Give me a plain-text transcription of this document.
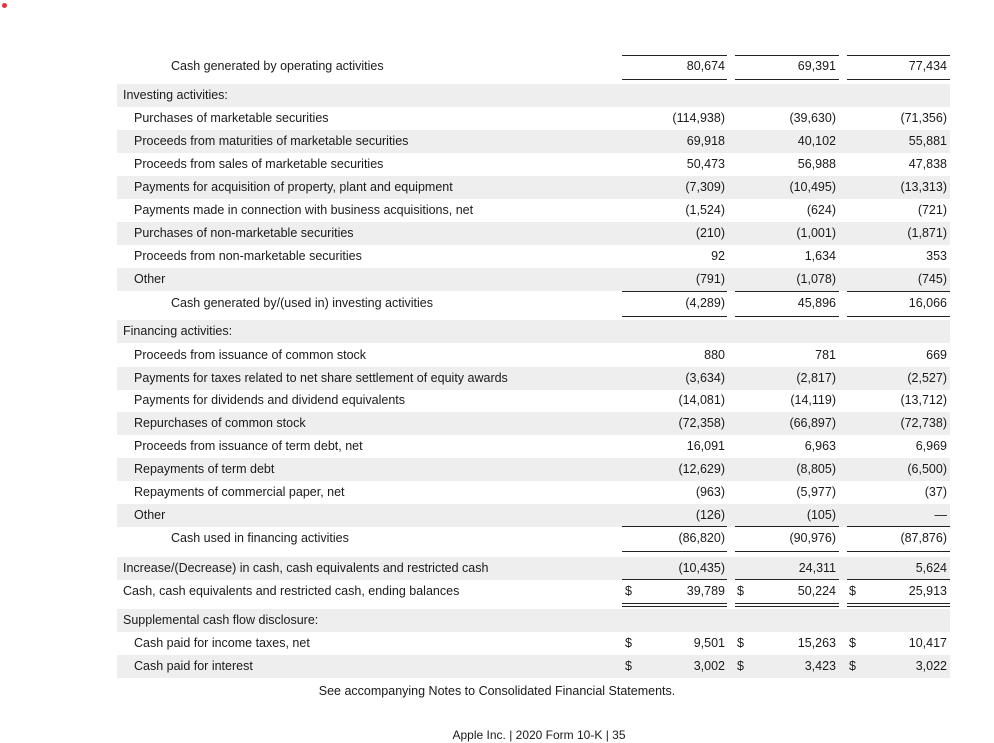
Cash generated by operating activities	80,674	69,391	77,434
Investing activities:
Purchases of marketable securities	(114,938)	(39,630)	(71,356)
Proceeds from maturities of marketable securities	69,918	40,102	55,881
Proceeds from sales of marketable securities	50,473	56,988	47,838
Payments for acquisition of property, plant and equipment	(7,309)	(10,495)	(13,313)
Payments made in connection with business acquisitions, net	(1,524)	(624)	(721)
Purchases of non-marketable securities	(210)	(1,001)	(1,871)
Proceeds from non-marketable securities	92	1,634	353
Other	(791)	(1,078)	(745)
Cash generated by/(used in) investing activities	(4,289)	45,896	16,066
Financing activities:
Proceeds from issuance of common stock	880	781	669
Payments for taxes related to net share settlement of equity awards	(3,634)	(2,817)	(2,527)
Payments for dividends and dividend equivalents	(14,081)	(14,119)	(13,712)
Repurchases of common stock	(72,358)	(66,897)	(72,738)
Proceeds from issuance of term debt, net	16,091	6,963	6,969
Repayments of term debt	(12,629)	(8,805)	(6,500)
Repayments of commercial paper, net	(963)	(5,977)	(37)
Other	(126)	(105)	—
Cash used in financing activities	(86,820)	(90,976)	(87,876)
Increase/(Decrease) in cash, cash equivalents and restricted cash	(10,435)	24,311	5,624
Cash, cash equivalents and restricted cash, ending balances	39,789	50,224	25,913
$	$	$
Supplemental cash flow disclosure:
Cash paid for income taxes, net	9,501	15,263	10,417
$	$	$
Cash paid for interest	3,002	3,423	3,022
$	$	$
See accompanying Notes to Consolidated Financial Statements.
Apple Inc. | 2020 Form 10-K | 35
